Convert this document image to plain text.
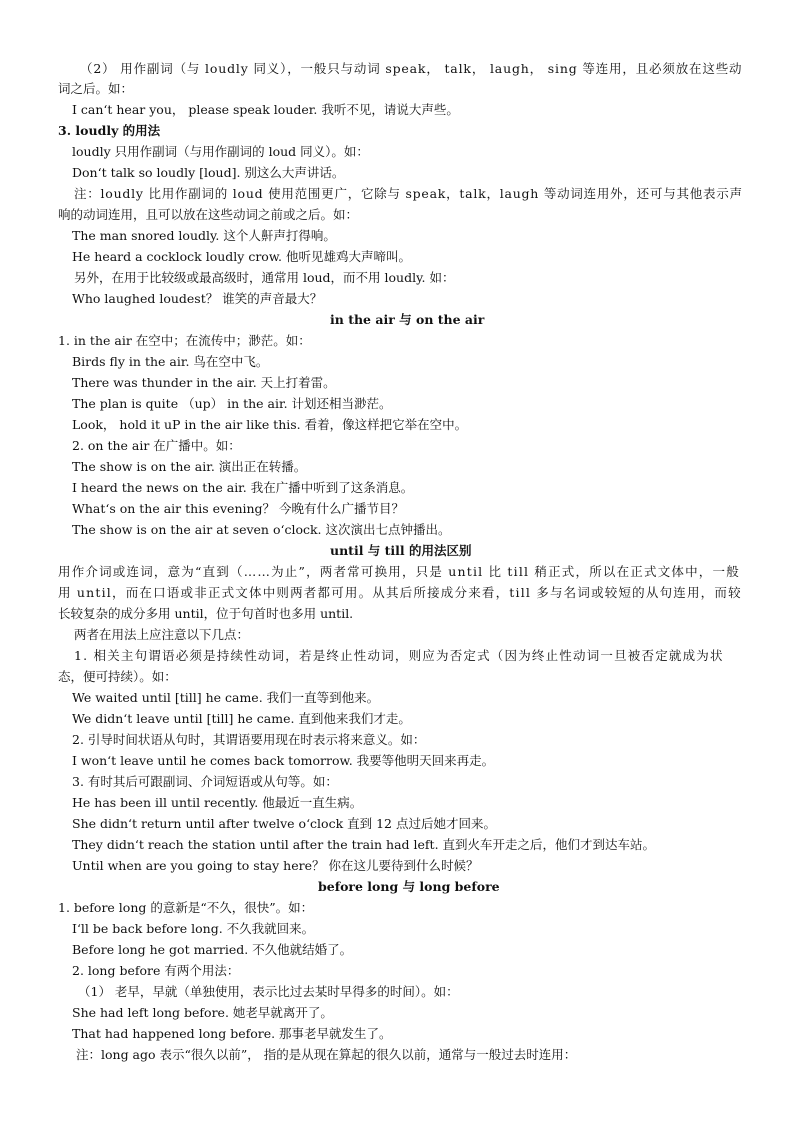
（2） 用作副词（与 loudly 同义），一般只与动词 speak， talk， laugh， sing 等连用，且必须放在这些动
词之后。如：
I can‘t hear you， please speak louder. 我听不见，请说大声些。
3. loudly 的用法
loudly 只用作副词（与用作副词的 loud 同义）。如：
Don‘t talk so loudly [loud]. 别这么大声讲话。
注：loudly 比用作副词的 loud 使用范围更广，它除与 speak，talk，laugh 等动词连用外，还可与其他表示声
响的动词连用，且可以放在这些动词之前或之后。如：
The man snored loudly. 这个人鼾声打得响。
He heard a cocklock loudly crow. 他听见雄鸡大声啼叫。
另外，在用于比较级或最高级时，通常用 loud，而不用 loudly. 如：
Who laughed loudest？ 谁笑的声音最大？
in the air 与 on the air
1. in the air 在空中；在流传中；渺茫。如：
Birds fly in the air. 鸟在空中飞。
There was thunder in the air. 天上打着雷。
The plan is quite （up） in the air. 计划还相当渺茫。
Look， hold it uP in the air like this. 看着，像这样把它举在空中。
2. on the air 在广播中。如：
The show is on the air. 演出正在转播。
I heard the news on the air. 我在广播中听到了这条消息。
What‘s on the air this evening？ 今晚有什么广播节目？
The show is on the air at seven o‘clock. 这次演出七点钟播出。
until 与 till 的用法区别
用作介词或连词，意为“直到（……为止”，两者常可换用，只是 until 比 till 稍正式，所以在正式文体中，一般
用 until，而在口语或非正式文体中则两者都可用。从其后所接成分来看，till 多与名词或较短的从句连用，而较
长较复杂的成分多用 until，位于句首时也多用 until.
两者在用法上应注意以下几点：
1. 相关主句谓语必须是持续性动词，若是终止性动词，则应为否定式（因为终止性动词一旦被否定就成为状
态，便可持续）。如：
We waited until [till] he came. 我们一直等到他来。
We didn‘t leave until [till] he came. 直到他来我们才走。
2. 引导时间状语从句时，其谓语要用现在时表示将来意义。如：
I won‘t leave until he comes back tomorrow. 我要等他明天回来再走。
3. 有时其后可跟副词、介词短语或从句等。如：
He has been ill until recently. 他最近一直生病。
She didn‘t return until after twelve o‘clock 直到 12 点过后她才回来。
They didn‘t reach the station until after the train had left. 直到火车开走之后，他们才到达车站。
Until when are you going to stay here？ 你在这儿要待到什么时候？
before long 与 long before
1. before long 的意新是“不久，很快”。如：
I‘ll be back before long. 不久我就回来。
Before long he got married. 不久他就结婚了。
2. long before 有两个用法：
（1） 老早，早就（单独使用，表示比过去某时早得多的时间）。如：
She had left long before. 她老早就离开了。
That had happened long before. 那事老早就发生了。
注：long ago 表示“很久以前”， 指的是从现在算起的很久以前，通常与一般过去时连用：
